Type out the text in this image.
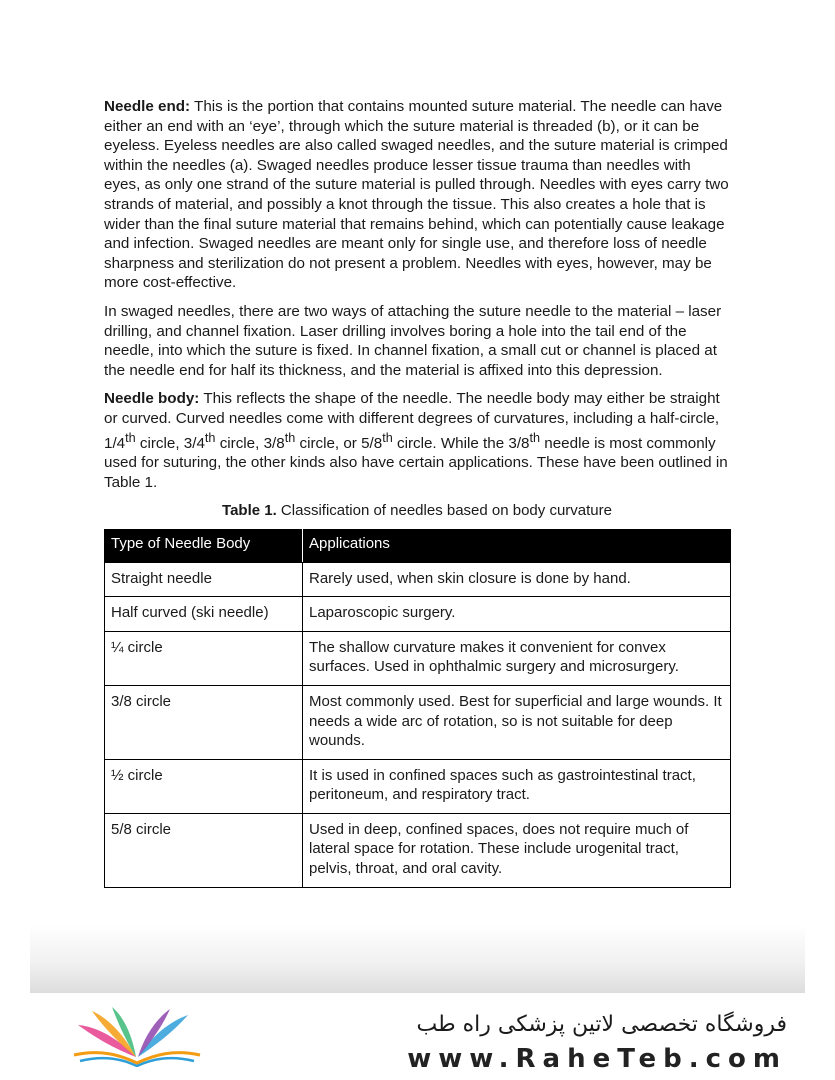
Needle end: This is the portion that contains mounted suture material. The needle can have either an end with an ‘eye’, through which the suture material is threaded (b), or it can be eyeless. Eyeless needles are also called swaged needles, and the suture material is crimped within the needles (a). Swaged needles produce lesser tissue trauma than needles with eyes, as only one strand of the suture material is pulled through. Needles with eyes carry two strands of material, and possibly a knot through the tissue. This also creates a hole that is wider than the final suture material that remains behind, which can potentially cause leakage and infection. Swaged needles are meant only for single use, and therefore loss of needle sharpness and sterilization do not present a problem. Needles with eyes, however, may be more cost-effective.

In swaged needles, there are two ways of attaching the suture needle to the material – laser drilling, and channel fixation. Laser drilling involves boring a hole into the tail end of the needle, into which the suture is fixed. In channel fixation, a small cut or channel is placed at the needle end for half its thickness, and the material is affixed into this depression.

Needle body: This reflects the shape of the needle. The needle body may either be straight or curved. Curved needles come with different degrees of curvatures, including a half-circle, 1/4th circle, 3/4th circle, 3/8th circle, or 5/8th circle. While the 3/8th needle is most commonly used for suturing, the other kinds also have certain applications. These have been outlined in Table 1.

Table 1. Classification of needles based on body curvature
Type of Needle Body	Applications
Straight needle	Rarely used, when skin closure is done by hand.
Half curved (ski needle)	Laparoscopic surgery.
¼ circle	The shallow curvature makes it convenient for convex surfaces. Used in ophthalmic surgery and microsurgery.
3/8 circle	Most commonly used. Best for superficial and large wounds. It needs a wide arc of rotation, so is not suitable for deep wounds.
½ circle	It is used in confined spaces such as gastrointestinal tract, peritoneum, and respiratory tract.
5/8 circle	Used in deep, confined spaces, does not require much of lateral space for rotation. These include urogenital tract, pelvis, throat, and oral cavity.
فروشگاه تخصصی لاتین پزشکی راه طب
www.RaheTeb.com
